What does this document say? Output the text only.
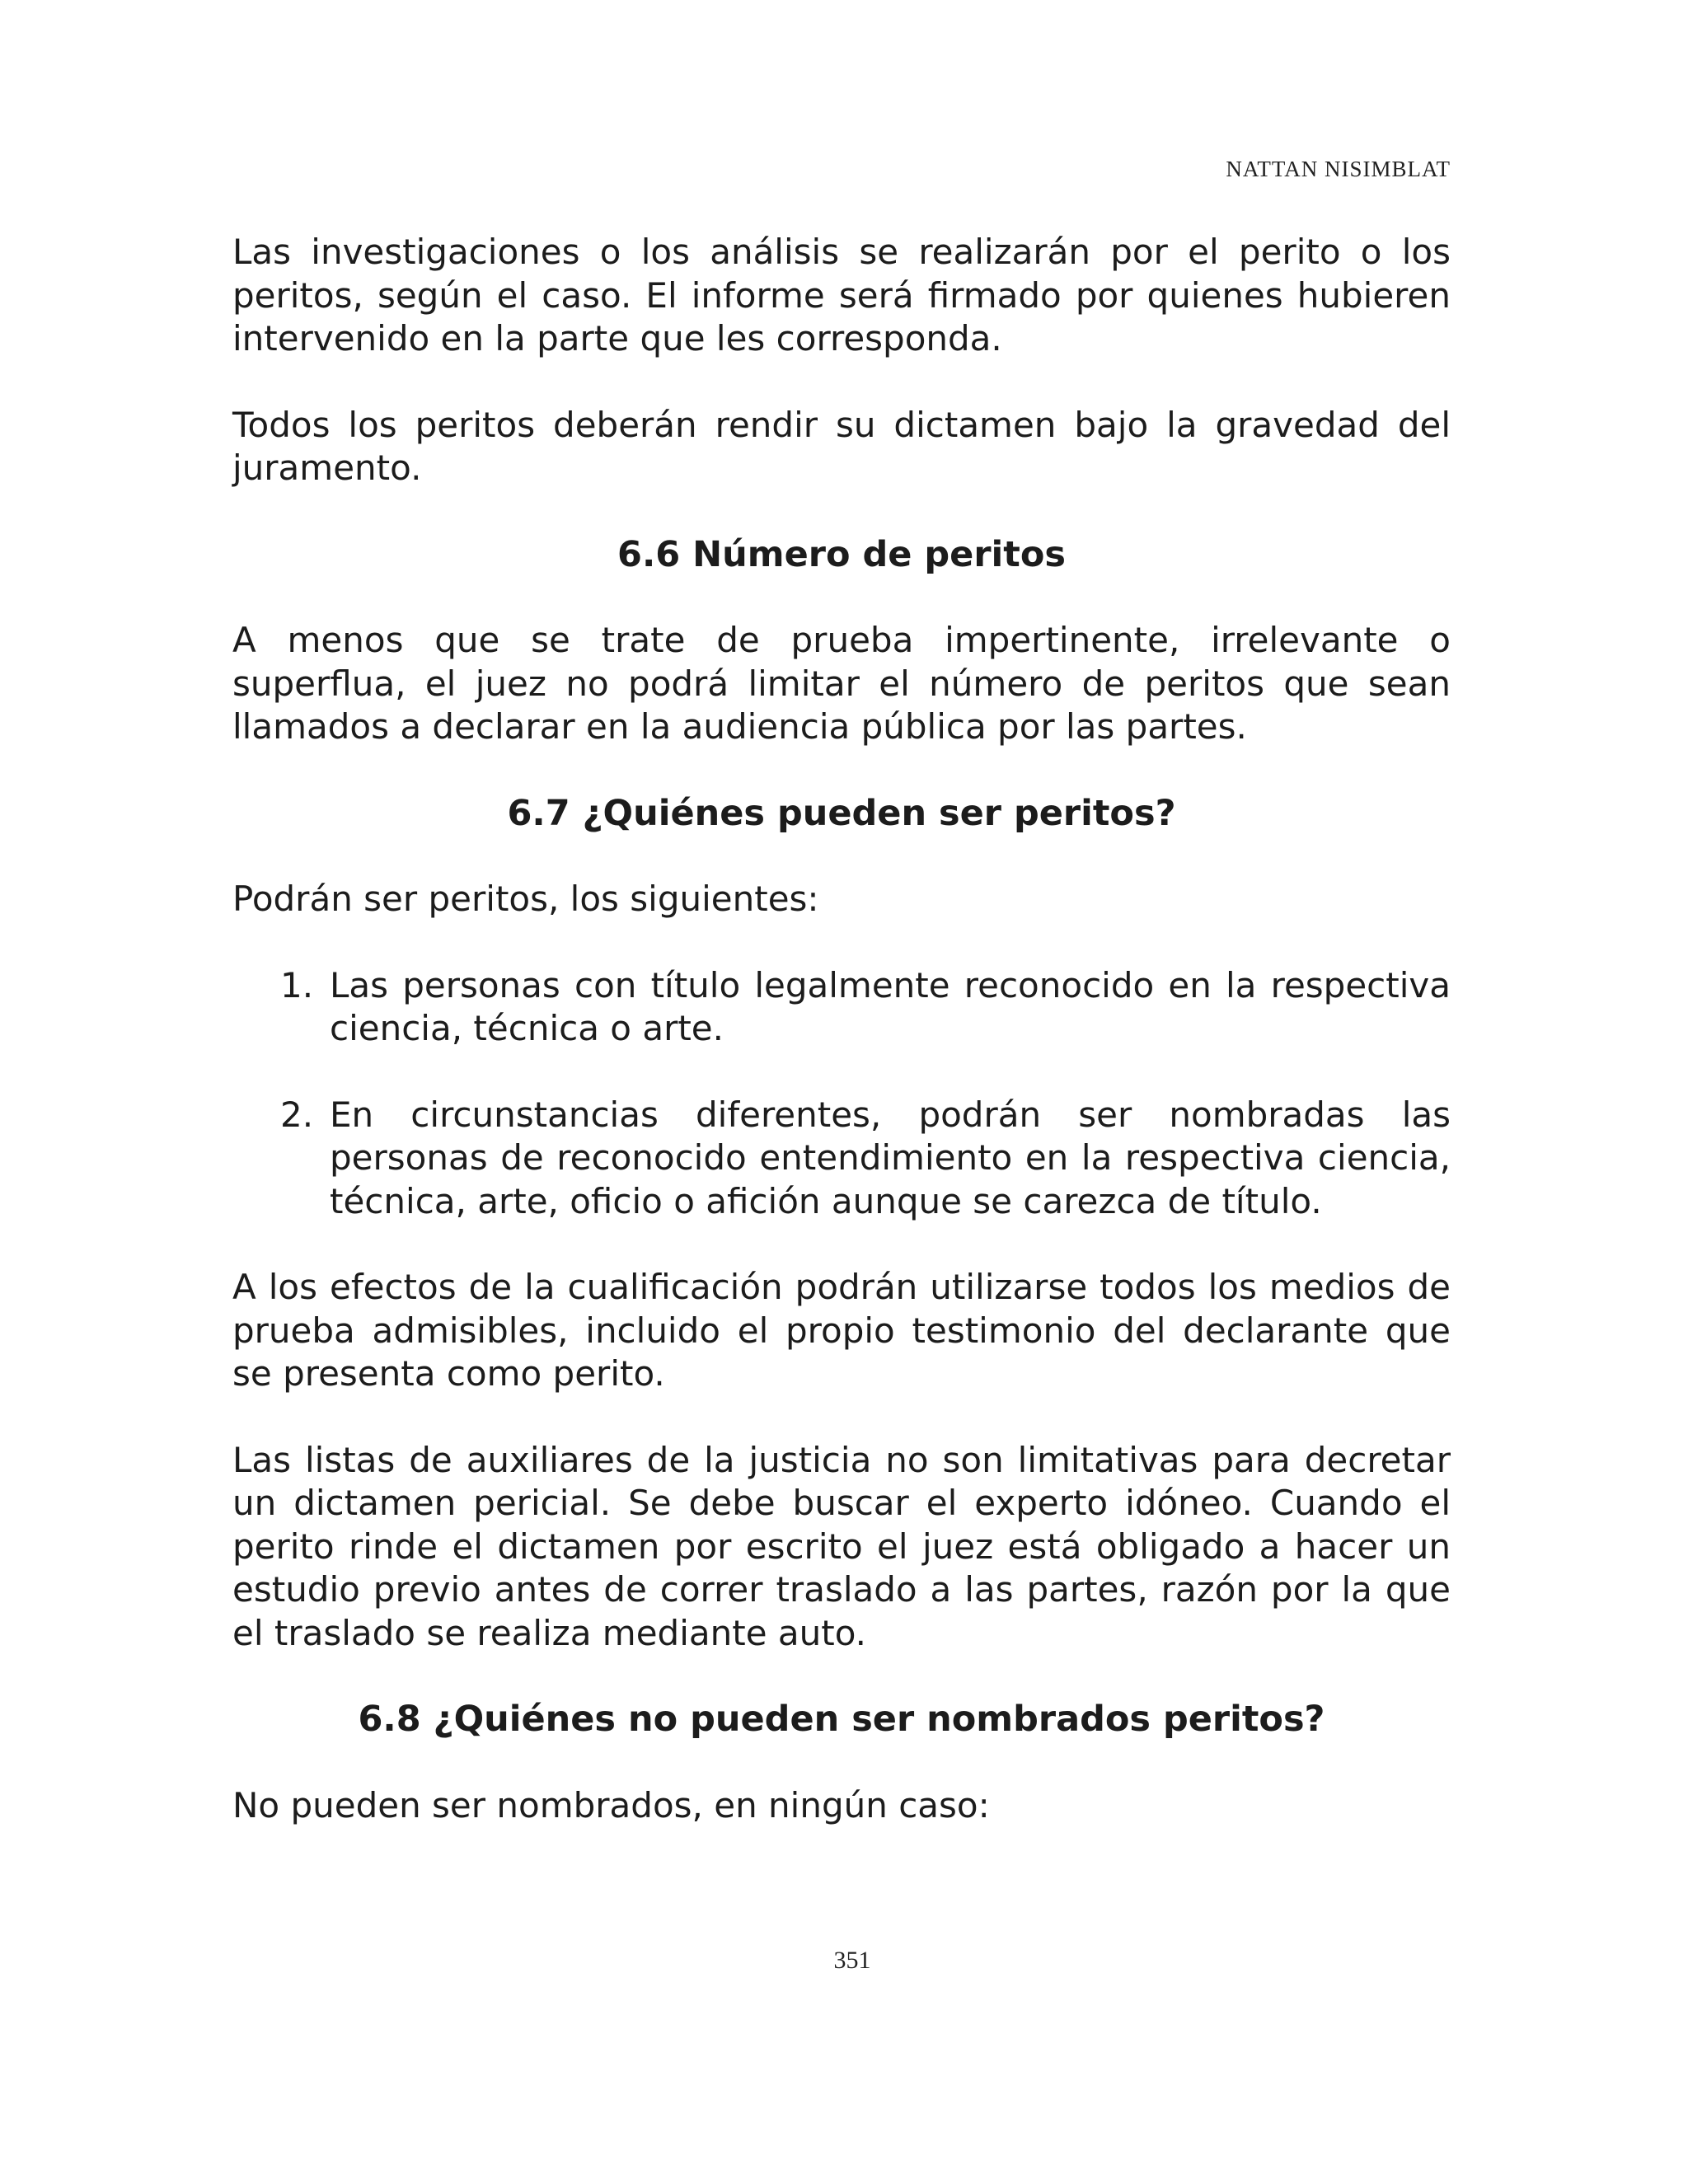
NATTAN NISIMBLAT

Las investigaciones o los análisis se realizarán por el perito o los peritos, según el caso. El informe será firmado por quienes hubieren intervenido en la parte que les corresponda.

Todos los peritos deberán rendir su dictamen bajo la gravedad del juramento.

6.6 Número de peritos

A menos que se trate de prueba impertinente, irrelevante o superflua, el juez no podrá limitar el número de peritos que sean llamados a declarar en la audiencia pública por las partes.

6.7 ¿Quiénes pueden ser peritos?

Podrán ser peritos, los siguientes:

1. Las personas con título legalmente reconocido en la respectiva ciencia, técnica o arte.
2. En circunstancias diferentes, podrán ser nombradas las personas de reconocido entendimiento en la respectiva ciencia, técnica, arte, oficio o afición aunque se carezca de título.

A los efectos de la cualificación podrán utilizarse todos los medios de prueba admisibles, incluido el propio testimonio del declarante que se presenta como perito.

Las listas de auxiliares de la justicia no son limitativas para decretar un dictamen pericial. Se debe buscar el experto idóneo. Cuando el perito rinde el dictamen por escrito el juez está obligado a hacer un estudio previo antes de correr traslado a las partes, razón por la que el traslado se realiza mediante auto.

6.8 ¿Quiénes no pueden ser nombrados peritos?

No pueden ser nombrados, en ningún caso:

351
